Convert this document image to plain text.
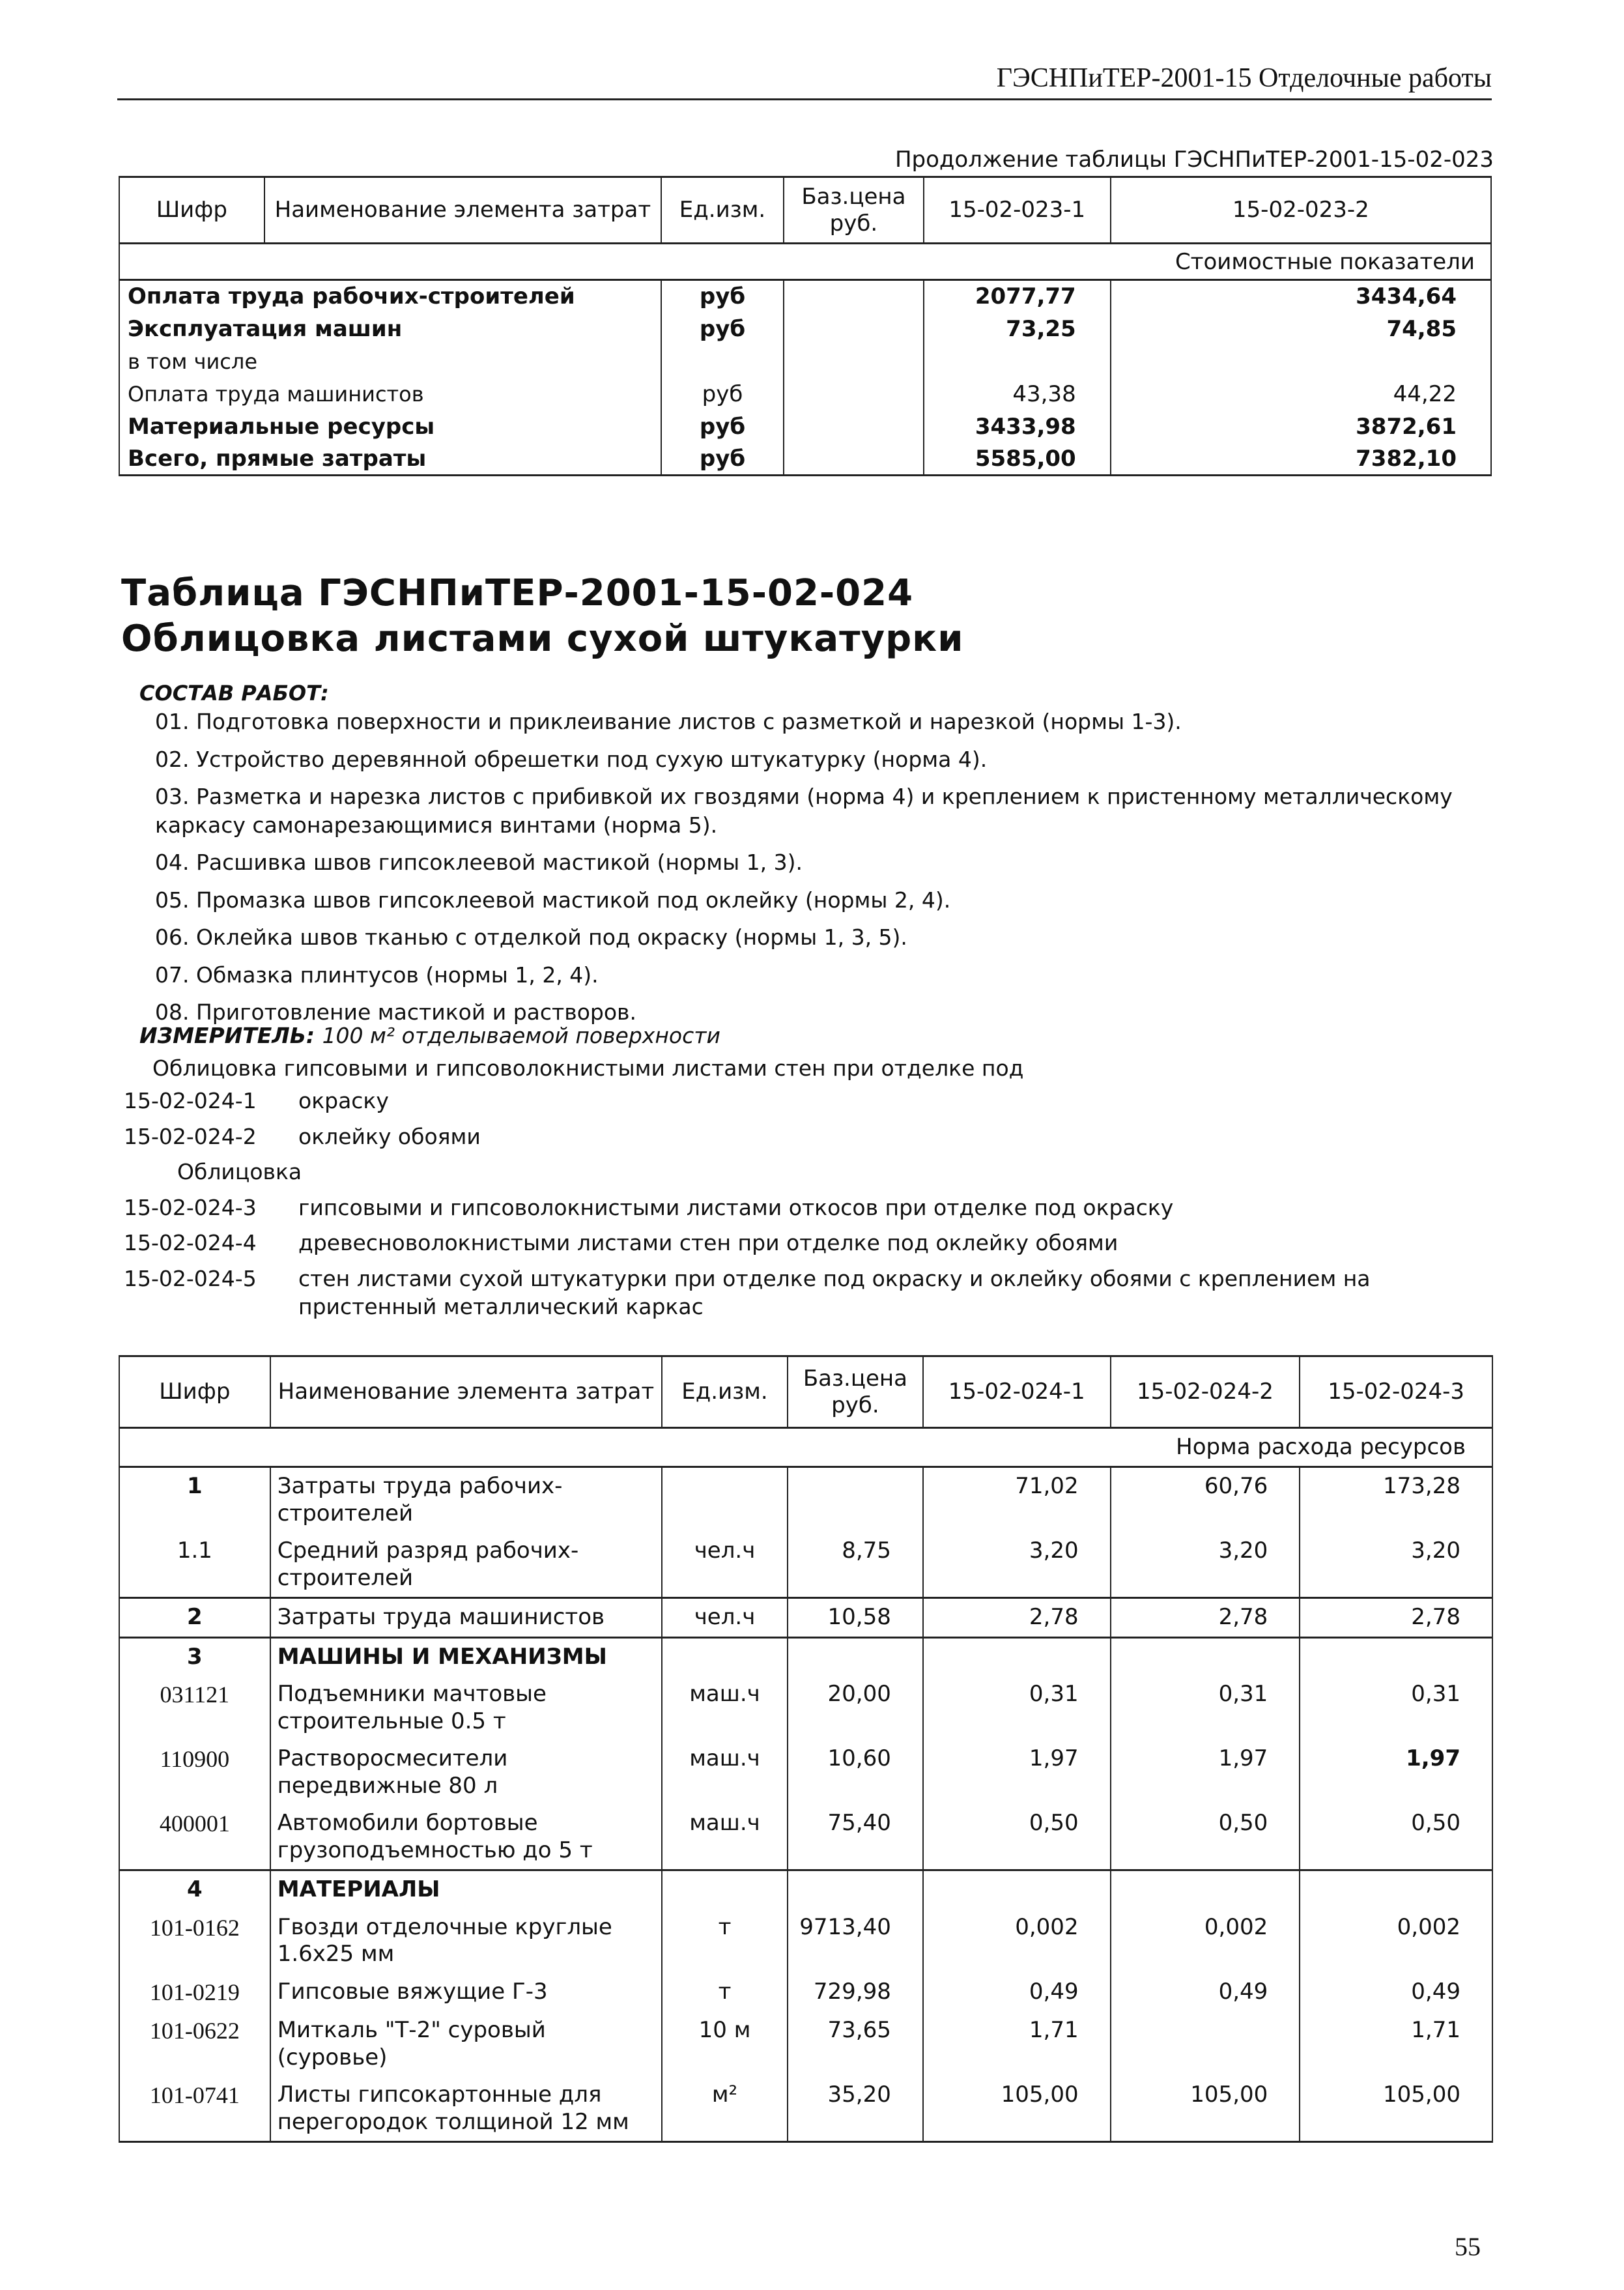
ГЭСНПиТЕР-2001-15 Отделочные работы
Продолжение таблицы ГЭСНПиТЕР-2001-15-02-023
Шифр	Наименование элемента затрат	Ед.изм.	Баз.цена руб.	15-02-023-1	15-02-023-2
Стоимостные показатели					
Оплата труда рабочих-строителей		руб		2077,77	3434,64
Эксплуатация машин		руб		73,25	74,85
в том числе					
Оплата труда машинистов		руб		43,38	44,22
Материальные ресурсы		руб		3433,98	3872,61
Всего, прямые затраты		руб		5585,00	7382,10
Таблица ГЭСНПиТЕР-2001-15-02-024
Облицовка листами сухой штукатурки
СОСТАВ РАБОТ:
01. Подготовка поверхности и приклеивание листов с разметкой и нарезкой (нормы 1-3).
02. Устройство деревянной обрешетки под сухую штукатурку (норма 4).
03. Разметка и нарезка листов с прибивкой их гвоздями (норма 4) и креплением к пристенному металлическому каркасу самонарезающимися винтами (норма 5).
04. Расшивка швов гипсоклеевой мастикой (нормы 1, 3).
05. Промазка швов гипсоклеевой мастикой под оклейку (нормы 2, 4).
06. Оклейка швов тканью с отделкой под окраску (нормы 1, 3, 5).
07. Обмазка плинтусов (нормы 1, 2, 4).
08. Приготовление мастикой и растворов.
ИЗМЕРИТЕЛЬ: 100 м² отделываемой поверхности
Облицовка гипсовыми и гипсоволокнистыми листами стен при отделке под
15-02-024-1	окраску
15-02-024-2	оклейку обоями
Облицовка
15-02-024-3	гипсовыми и гипсоволокнистыми листами откосов при отделке под окраску
15-02-024-4	древесноволокнистыми листами стен при отделке под оклейку обоями
15-02-024-5	стен листами сухой штукатурки при отделке под окраску и оклейку обоями с креплением на пристенный металлический каркас
Шифр	Наименование элемента затрат	Ед.изм.	Баз.цена руб.	15-02-024-1	15-02-024-2	15-02-024-3
Норма расхода ресурсов						
1	Затраты труда рабочих-строителей			71,02	60,76	173,28
1.1	Средний разряд рабочих-строителей	чел.ч	8,75	3,20	3,20	3,20
2	Затраты труда машинистов	чел.ч	10,58	2,78	2,78	2,78
3	МАШИНЫ И МЕХАНИЗМЫ					
031121	Подъемники мачтовые строительные 0.5 т	маш.ч	20,00	0,31	0,31	0,31
110900	Растворосмесители передвижные 80 л	маш.ч	10,60	1,97	1,97	1,97
400001	Автомобили бортовые грузоподъемностью до 5 т	маш.ч	75,40	0,50	0,50	0,50
4	МАТЕРИАЛЫ					
101-0162	Гвозди отделочные круглые 1.6х25 мм	т	9713,40	0,002	0,002	0,002
101-0219	Гипсовые вяжущие Г-3	т	729,98	0,49	0,49	0,49
101-0622	Миткаль "Т-2" суровый (суровье)	10 м	73,65	1,71		1,71
101-0741	Листы гипсокартонные для перегородок толщиной 12 мм	м²	35,20	105,00	105,00	105,00
55
